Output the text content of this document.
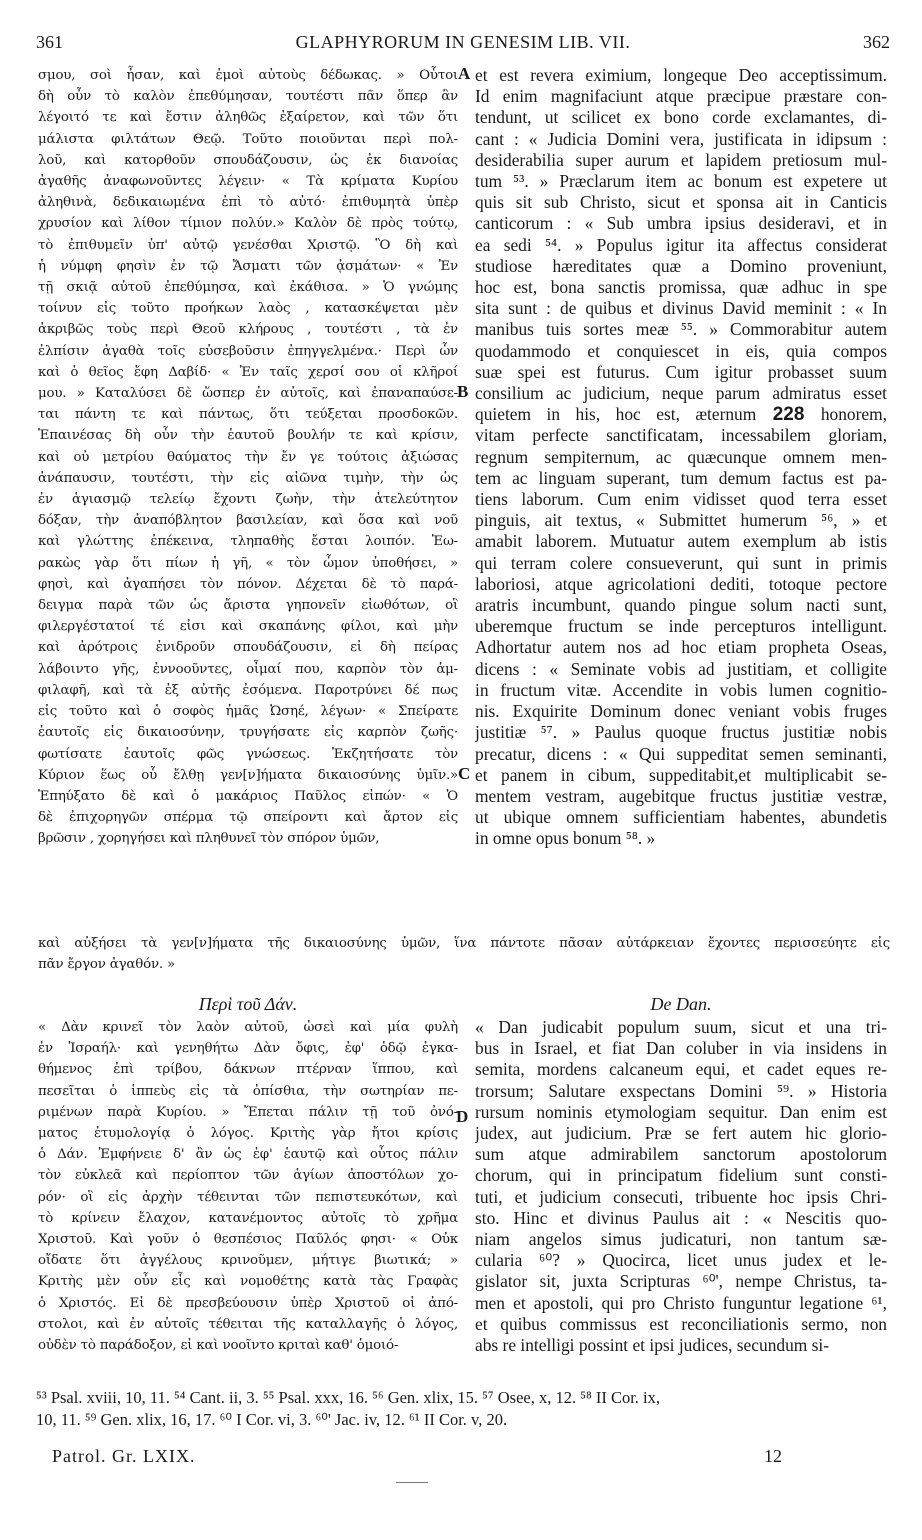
361	GLAPHYRORUM IN GENESIM LIB. VII.	362
σμου, σοὶ ἦσαν, καὶ ἐμοὶ αὐτοὺς δέδωκας. » Οὗτοι
δὴ οὖν τὸ καλὸν ἐπεθύμησαν, τουτέστι πᾶν ὅπερ ἂν
λέγοιτό τε καὶ ἔστιν ἀληθῶς ἐξαίρετον, καὶ τῶν ὅτι
μάλιστα φιλτάτων Θεῷ. Τοῦτο ποιοῦνται περὶ πολ-
λοῦ, καὶ κατορθοῦν σπουδάζουσιν, ὡς ἐκ διανοίας
ἀγαθῆς ἀναφωνοῦντες λέγειν· « Τὰ κρίματα Κυρίου
ἀληθινὰ, δεδικαιωμένα ἐπὶ τὸ αὐτό· ἐπιθυμητὰ ὑπὲρ
χρυσίον καὶ λίθον τίμιον πολύν.» Καλὸν δὲ πρὸς τούτῳ,
τὸ ἐπιθυμεῖν ὑπ' αὐτῷ γενέσθαι Χριστῷ. Ὃ δὴ καὶ
ἡ νύμφη φησὶν ἐν τῷ Ἄσματι τῶν ᾀσμάτων· « Ἐν
τῇ σκιᾷ αὐτοῦ ἐπεθύμησα, καὶ ἐκάθισα. » Ὁ γνώμης
τοίνυν εἰς τοῦτο προήκων λαὸς , κατασκέψεται μὲν
ἀκριβῶς τοὺς περὶ Θεοῦ κλήρους , τουτέστι , τὰ ἐν
ἐλπίσιν ἀγαθὰ τοῖς εὐσεβοῦσιν ἐπηγγελμένα.· Περὶ ὧν
καὶ ὁ θεῖος ἔφη Δαβίδ· « Ἐν ταῖς χερσί σου οἱ κλῆροί
μου. » Καταλύσει δὲ ὥσπερ ἐν αὐτοῖς, καὶ ἐπαναπαύσε-
ται πάντη τε καὶ πάντως, ὅτι τεύξεται προσδοκῶν.
Ἐπαινέσας δὴ οὖν τὴν ἑαυτοῦ βουλήν τε καὶ κρίσιν,
καὶ οὐ μετρίου θαύματος τὴν ἔν γε τούτοις ἀξιώσας
ἀνάπαυσιν, τουτέστι, τὴν εἰς αἰῶνα τιμὴν, τὴν ὡς
ἐν ἁγιασμῷ τελείῳ ἔχοντι ζωὴν, τὴν ἀτελεύτητον
δόξαν, τὴν ἀναπόβλητον βασιλείαν, καὶ ὅσα καὶ νοῦ
καὶ γλώττης ἐπέκεινα, τληπαθὴς ἔσται λοιπόν. Ἑω-
ρακὼς γὰρ ὅτι πίων ἡ γῆ, « τὸν ὦμον ὑποθήσει, »
φησὶ, καὶ ἀγαπήσει τὸν πόνον. Δέχεται δὲ τὸ παρά-
δειγμα παρὰ τῶν ὡς ἄριστα γηπονεῖν εἰωθότων, οἳ
φιλεργέστατοί τέ εἰσι καὶ σκαπάνης φίλοι, καὶ μὴν
καὶ ἀρότροις ἐνιδροῦν σπουδάζουσιν, εἰ δὴ πείρας
λάβοιντο γῆς, ἐννοοῦντες, οἶμαί που, καρπὸν τὸν ἀμ-
φιλαφῆ, καὶ τὰ ἐξ αὐτῆς ἐσόμενα. Παροτρύνει δέ πως
εἰς τοῦτο καὶ ὁ σοφὸς ἡμᾶς Ὠσηέ, λέγων· « Σπείρατε
ἑαυτοῖς εἰς δικαιοσύνην, τρυγήσατε εἰς καρπὸν ζωῆς·
φωτίσατε ἑαυτοῖς φῶς γνώσεως. Ἐκζητήσατε τὸν
Κύριον ἕως οὗ ἔλθῃ γεν[ν]ήματα δικαιοσύνης ὑμῖν.»
Ἐπηύξατο δὲ καὶ ὁ μακάριος Παῦλος εἰπών· « Ὁ
δὲ ἐπιχορηγῶν σπέρμα τῷ σπείροντι καὶ ἄρτον εἰς
βρῶσιν , χορηγήσει καὶ πληθυνεῖ τὸν σπόρον ὑμῶν,
et est revera eximium, longeque Deo acceptissimum.
Id enim magnifaciunt atque præcipue præstare con-
tendunt, ut scilicet ex bono corde exclamantes, di-
cant : « Judicia Domini vera, justificata in idipsum :
desiderabilia super aurum et lapidem pretiosum mul-
tum ⁵³. » Præclarum item ac bonum est expetere ut
quis sit sub Christo, sicut et sponsa ait in Canticis
canticorum : « Sub umbra ipsius desideravi, et in
ea sedi ⁵⁴. » Populus igitur ita affectus considerat
studiose hæreditates quæ a Domino proveniunt,
hoc est, bona sanctis promissa, quæ adhuc in spe
sita sunt : de quibus et divinus David meminit : « In
manibus tuis sortes meæ ⁵⁵. » Commorabitur autem
quodammodo et conquiescet in eis, quia compos
suæ spei est futurus. Cum igitur probasset suum
consilium ac judicium, neque parum admiratus esset
quietem in his, hoc est, æternum 228 honorem,
vitam perfecte sanctificatam, incessabilem gloriam,
regnum sempiternum, ac quæcunque omnem men-
tem ac linguam superant, tum demum factus est pa-
tiens laborum. Cum enim vidisset quod terra esset
pinguis, ait textus, « Submittet humerum ⁵⁶, » et
amabit laborem. Mutuatur autem exemplum ab istis
qui terram colere consueverunt, qui sunt in primis
laboriosi, atque agricolationi dediti, totoque pectore
aratris incumbunt, quando pingue solum nacti sunt,
uberemque fructum se inde percepturos intelligunt.
Adhortatur autem nos ad hoc etiam propheta Oseas,
dicens : « Seminate vobis ad justitiam, et colligite
in fructum vitæ. Accendite in vobis lumen cognitio-
nis. Exquirite Dominum donec veniant vobis fruges
justitiæ ⁵⁷. » Paulus quoque fructus justitiæ nobis
precatur, dicens : « Qui suppeditat semen seminanti,
et panem in cibum, suppeditabit,et multiplicabit se-
mentem vestram, augebitque fructus justitiæ vestræ,
ut ubique omnem sufficientiam habentes, abundetis
in omne opus bonum ⁵⁸. »
A
B
C
D
καὶ αὐξήσει τὰ γεν[ν]ήματα τῆς δικαιοσύνης ὑμῶν, ἵνα πάντοτε πᾶσαν αὐτάρκειαν ἔχοντες περισσεύητε εἰς
πᾶν ἔργον ἀγαθόν. »
Περὶ τοῦ Δάν.	De Dan.
« Δὰν κρινεῖ τὸν λαὸν αὐτοῦ, ὡσεὶ καὶ μία φυλὴ
ἐν Ἰσραήλ· καὶ γενηθήτω Δὰν ὄφις, ἐφ' ὁδῷ ἐγκα-
θήμενος ἐπὶ τρίβου, δάκνων πτέρναν ἵππου, καὶ
πεσεῖται ὁ ἱππεὺς εἰς τὰ ὀπίσθια, τὴν σωτηρίαν πε-
ριμένων παρὰ Κυρίου. » Ἔπεται πάλιν τῇ τοῦ ὀνό-
ματος ἐτυμολογίᾳ ὁ λόγος. Κριτὴς γὰρ ἤτοι κρίσις
ὁ Δάν. Ἐμφήνειε δ' ἂν ὡς ἐφ' ἑαυτῷ καὶ οὗτος πάλιν
τὸν εὐκλεᾶ καὶ περίοπτον τῶν ἁγίων ἀποστόλων χο-
ρόν· οἳ εἰς ἀρχὴν τέθεινται τῶν πεπιστευκότων, καὶ
τὸ κρίνειν ἔλαχον, κατανέμοντος αὐτοῖς τὸ χρῆμα
Χριστοῦ. Καὶ γοῦν ὁ θεσπέσιος Παῦλός φησι· « Οὐκ
οἴδατε ὅτι ἀγγέλους κρινοῦμεν, μήτιγε βιωτικά; »
Κριτὴς μὲν οὖν εἷς καὶ νομοθέτης κατὰ τὰς Γραφὰς
ὁ Χριστός. Εἰ δὲ πρεσβεύουσιν ὑπὲρ Χριστοῦ οἱ ἀπό-
στολοι, καὶ ἐν αὐτοῖς τέθειται τῆς καταλλαγῆς ὁ λόγος,
οὐδὲν τὸ παράδοξον, εἰ καὶ νοοῖντο κριταὶ καθ' ὁμοιό-
« Dan judicabit populum suum, sicut et una tri-
bus in Israel, et fiat Dan coluber in via insidens in
semita, mordens calcaneum equi, et cadet eques re-
trorsum; Salutare exspectans Domini ⁵⁹. » Historia
rursum nominis etymologiam sequitur. Dan enim est
judex, aut judicium. Præ se fert autem hic glorio-
sum atque admirabilem sanctorum apostolorum
chorum, qui in principatum fidelium sunt consti-
tuti, et judicium consecuti, tribuente hoc ipsis Chri-
sto. Hinc et divinus Paulus ait : « Nescitis quo-
niam angelos simus judicaturi, non tantum sæ-
cularia ⁶⁰? » Quocirca, licet unus judex et le-
gislator sit, juxta Scripturas ⁶⁰', nempe Christus, ta-
men et apostoli, qui pro Christo funguntur legatione ⁶¹,
et quibus commissus est reconciliationis sermo, non
abs re intelligi possint et ipsi judices, secundum si-
⁵³ Psal. xviii, 10, 11. ⁵⁴ Cant. ii, 3. ⁵⁵ Psal. xxx, 16. ⁵⁶ Gen. xlix, 15. ⁵⁷ Osee, x, 12. ⁵⁸ II Cor. ix,
10, 11. ⁵⁹ Gen. xlix, 16, 17. ⁶⁰ I Cor. vi, 3. ⁶⁰' Jac. iv, 12. ⁶¹ II Cor. v, 20.
Patrol. Gr. LXIX.	12
